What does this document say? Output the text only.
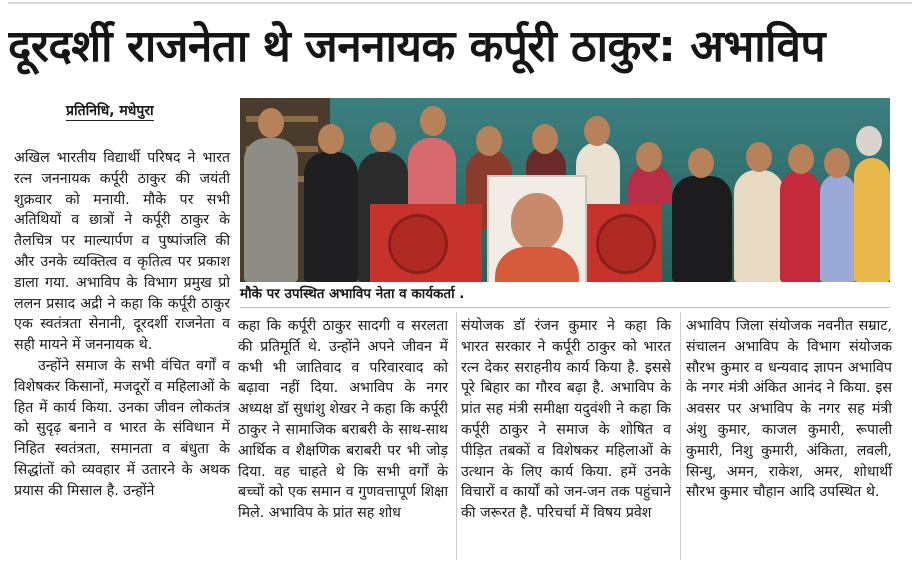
दूरदर्शी राजनेता थे जननायक कर्पूरी ठाकुर: अभाविप
प्रतिनिधि, मधेपुरा

अखिल भारतीय विद्यार्थी परिषद ने भारत रत्न जननायक कर्पूरी ठाकुर की जयंती शुक्रवार को मनायी. मौके पर सभी अतिथियों व छात्रों ने कर्पूरी ठाकुर के तैलचित्र पर माल्यार्पण व पुष्पांजलि की और उनके व्यक्तित्व व कृतित्व पर प्रकाश डाला गया. अभाविप के विभाग प्रमुख प्रो ललन प्रसाद अद्री ने कहा कि कर्पूरी ठाकुर एक स्वतंत्रता सेनानी, दूरदर्शी राजनेता व सही मायने में जननायक थे.

उन्होंने समाज के सभी वंचित वर्गों व विशेषकर किसानों, मजदूरों व महिलाओं के हित में कार्य किया. उनका जीवन लोकतंत्र को सुदृढ़ बनाने व भारत के संविधान में निहित स्वतंत्रता, समानता व बंधुता के सिद्धांतों को व्यवहार में उतारने के अथक प्रयास की मिसाल है. उन्होंने

मौके पर उपस्थित अभाविप नेता व कार्यकर्ता .

कहा कि कर्पूरी ठाकुर सादगी व सरलता की प्रतिमूर्ति थे. उन्होंने अपने जीवन में कभी भी जातिवाद व परिवारवाद को बढ़ावा नहीं दिया. अभाविप के नगर अध्यक्ष डॉ सुधांशु शेखर ने कहा कि कर्पूरी ठाकुर ने सामाजिक बराबरी के साथ-साथ आर्थिक व शैक्षणिक बराबरी पर भी जोड़ दिया. वह चाहते थे कि सभी वर्गों के बच्चों को एक समान व गुणवत्तापूर्ण शिक्षा मिले. अभाविप के प्रांत सह शोध

संयोजक डॉ रंजन कुमार ने कहा कि भारत सरकार ने कर्पूरी ठाकुर को भारत रत्न देकर सराहनीय कार्य किया है. इससे पूरे बिहार का गौरव बढ़ा है. अभाविप के प्रांत सह मंत्री समीक्षा यदुवंशी ने कहा कि कर्पूरी ठाकुर ने समाज के शोषित व पीड़ित तबकों व विशेषकर महिलाओं के उत्थान के लिए कार्य किया. हमें उनके विचारों व कार्यों को जन-जन तक पहुंचाने की जरूरत है. परिचर्चा में विषय प्रवेश

अभाविप जिला संयोजक नवनीत सम्राट, संचालन अभाविप के विभाग संयोजक सौरभ कुमार व धन्यवाद ज्ञापन अभाविप के नगर मंत्री अंकित आनंद ने किया. इस अवसर पर अभाविप के नगर सह मंत्री अंशु कुमार, काजल कुमारी, रूपाली कुमारी, निशु कुमारी, अंकिता, लवली, सिन्धु, अमन, राकेश, अमर, शोधार्थी सौरभ कुमार चौहान आदि उपस्थित थे.
